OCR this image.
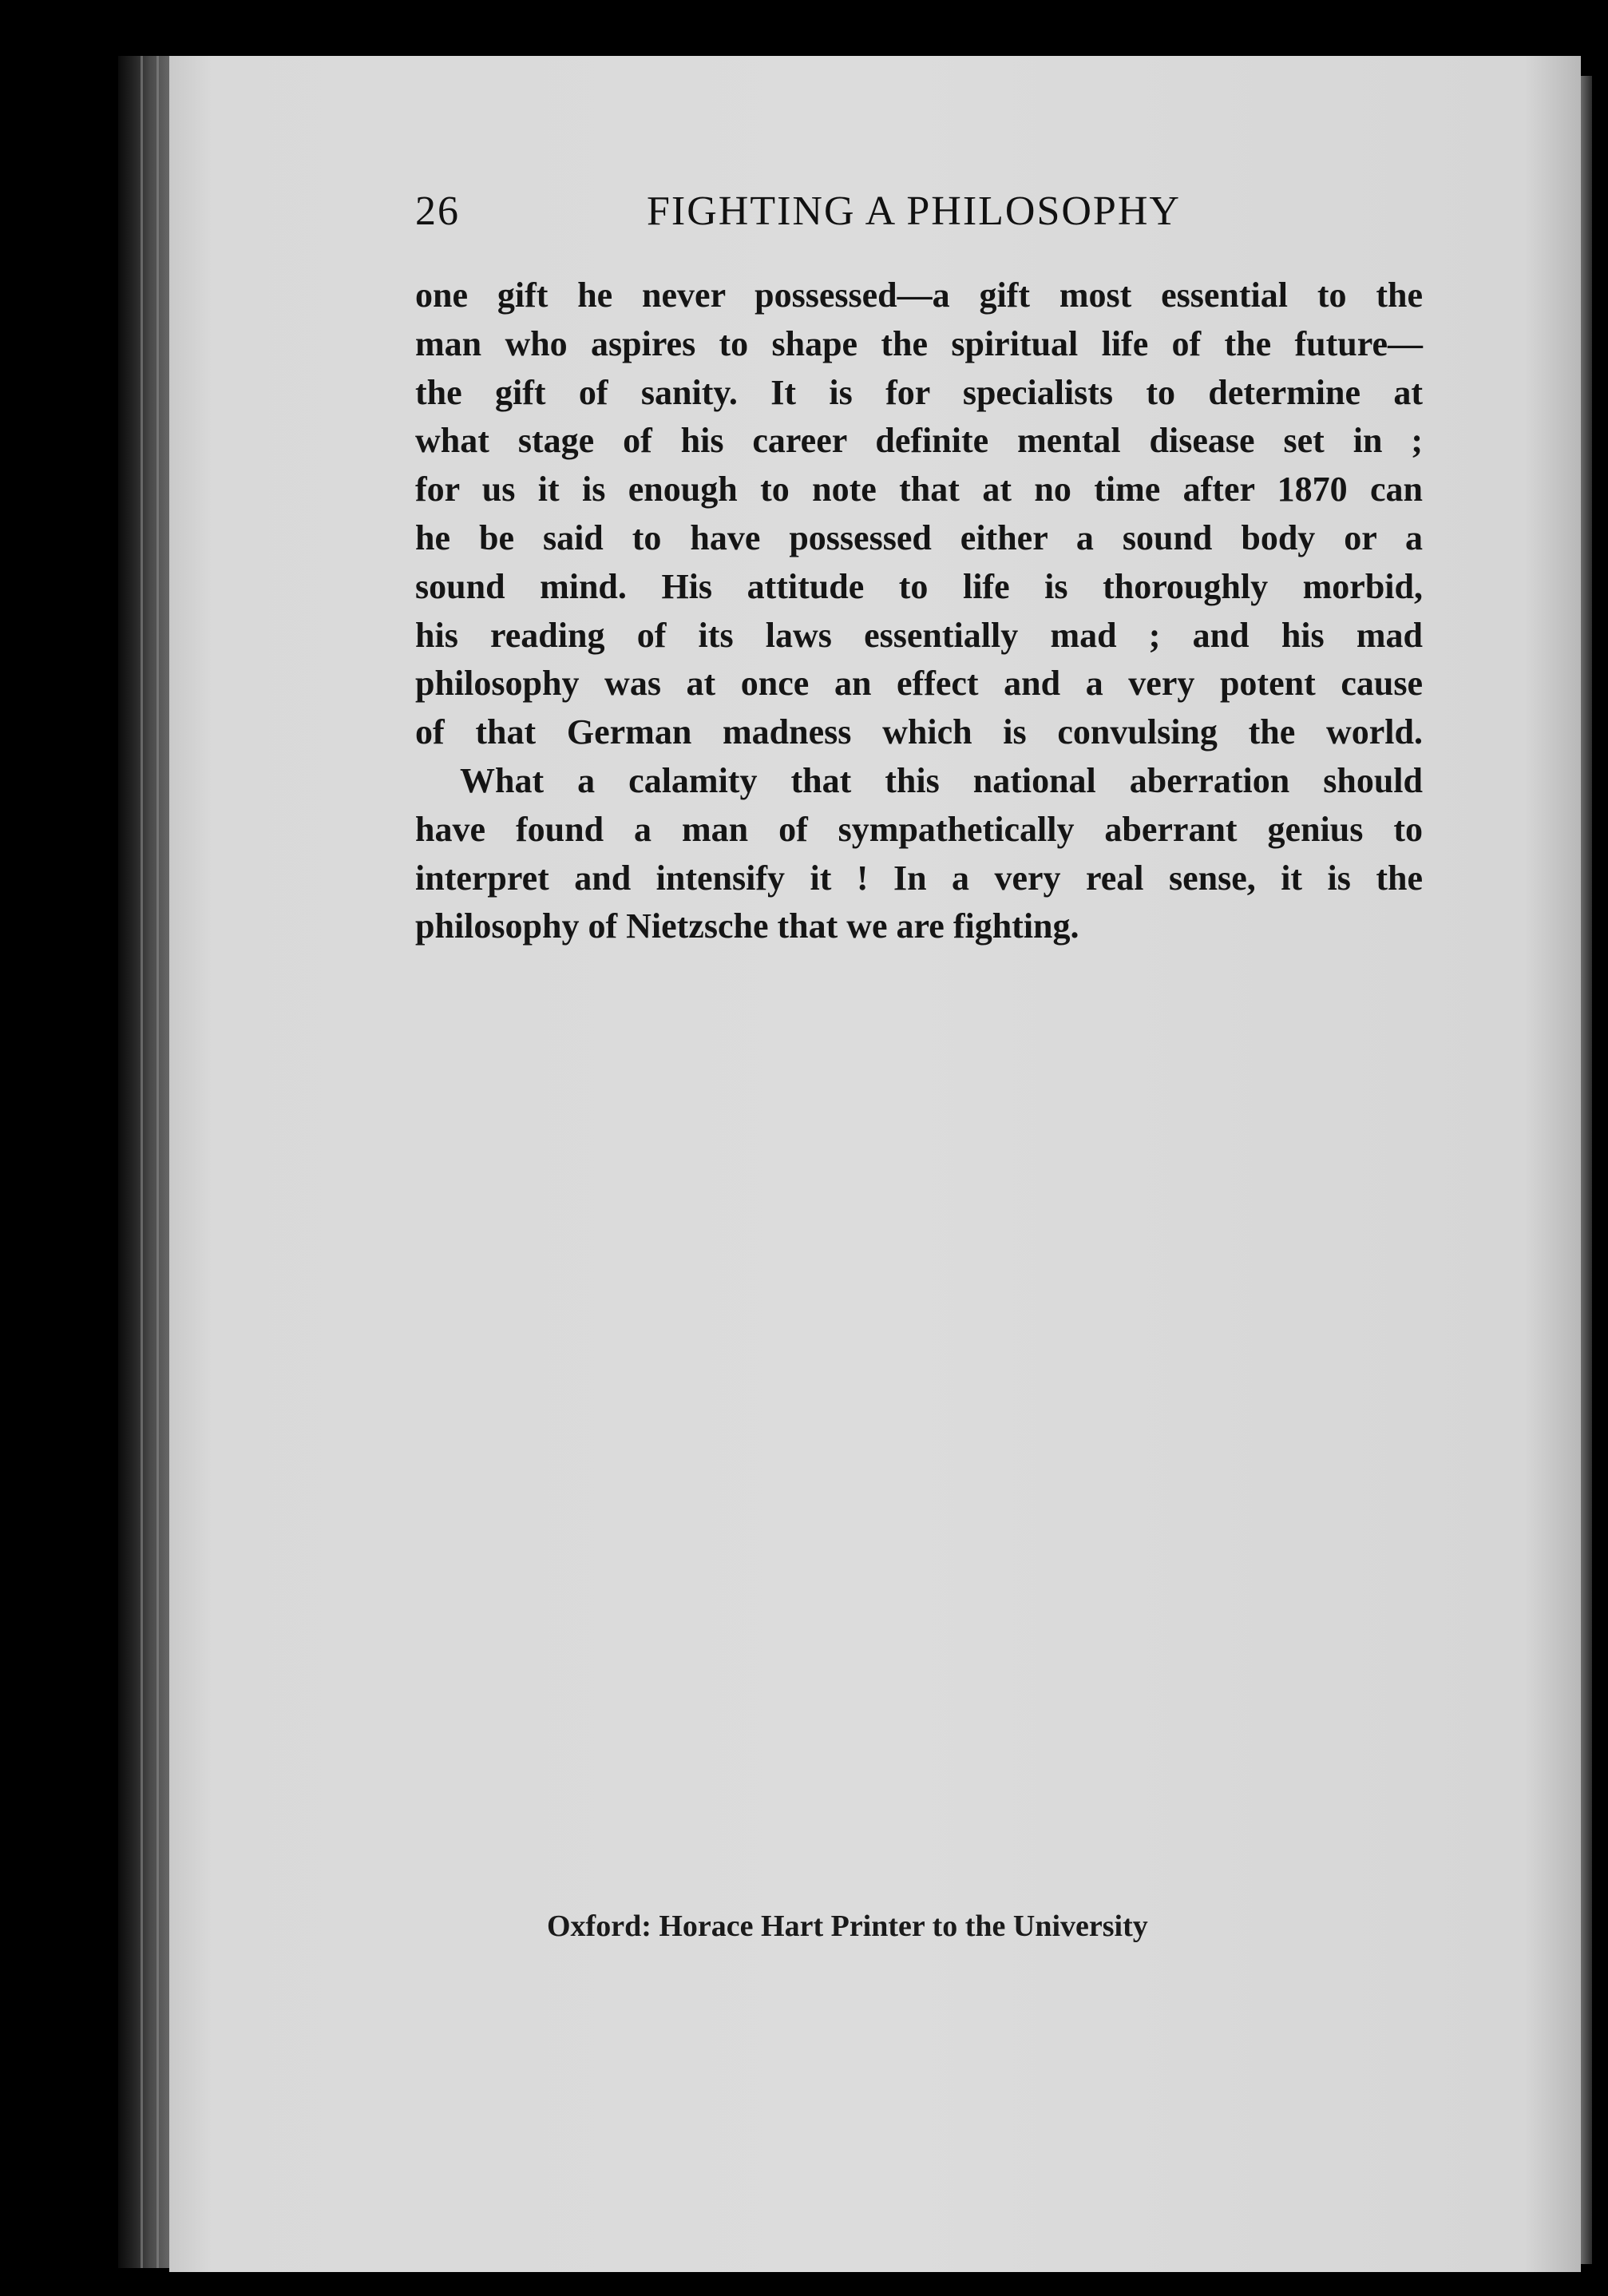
26	FIGHTING A PHILOSOPHY
one gift he never possessed—a gift most essential to the
man who aspires to shape the spiritual life of the future—
the gift of sanity. It is for specialists to determine at
what stage of his career definite mental disease set in ;
for us it is enough to note that at no time after 1870 can
he be said to have possessed either a sound body or a
sound mind. His attitude to life is thoroughly morbid,
his reading of its laws essentially mad ; and his mad
philosophy was at once an effect and a very potent cause
of that German madness which is convulsing the world.
What a calamity that this national aberration should
have found a man of sympathetically aberrant genius to
interpret and intensify it ! In a very real sense, it is the
philosophy of Nietzsche that we are fighting.
Oxford: Horace Hart Printer to the University
